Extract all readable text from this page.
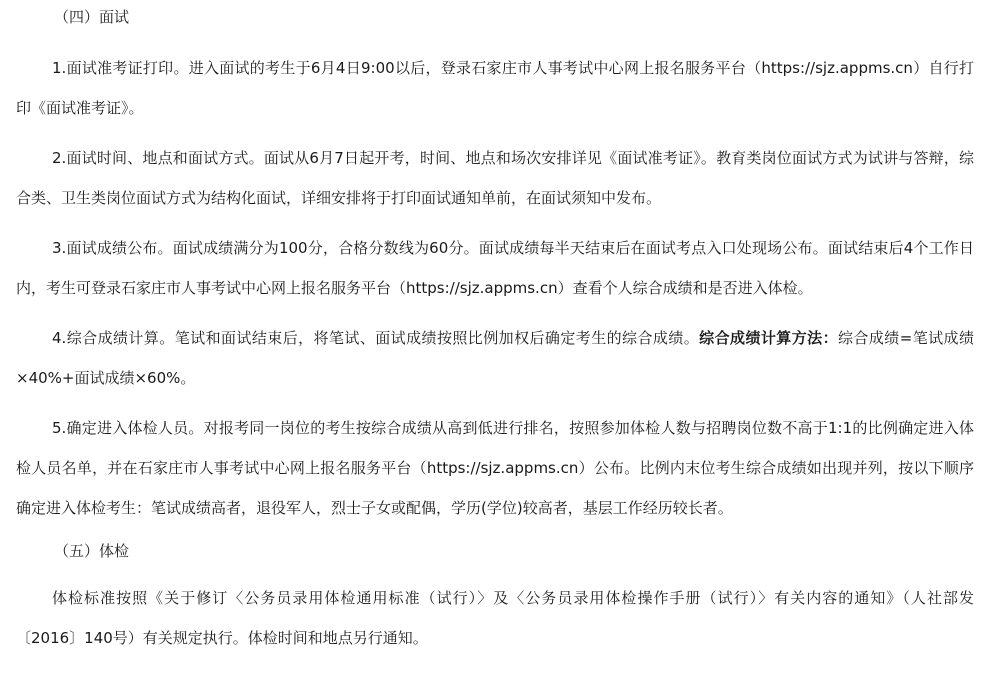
（四）面试

1.面试准考证打印。进入面试的考生于6月4日9:00以后，登录石家庄市人事考试中心网上报名服务平台（https://sjz.appms.cn）自行打印《面试准考证》。

2.面试时间、地点和面试方式。面试从6月7日起开考，时间、地点和场次安排详见《面试准考证》。教育类岗位面试方式为试讲与答辩，综合类、卫生类岗位面试方式为结构化面试，详细安排将于打印面试通知单前，在面试须知中发布。

3.面试成绩公布。面试成绩满分为100分，合格分数线为60分。面试成绩每半天结束后在面试考点入口处现场公布。面试结束后4个工作日内，考生可登录石家庄市人事考试中心网上报名服务平台（https://sjz.appms.cn）查看个人综合成绩和是否进入体检。

4.综合成绩计算。笔试和面试结束后，将笔试、面试成绩按照比例加权后确定考生的综合成绩。综合成绩计算方法：综合成绩=笔试成绩×40%+面试成绩×60%。

5.确定进入体检人员。对报考同一岗位的考生按综合成绩从高到低进行排名，按照参加体检人数与招聘岗位数不高于1:1的比例确定进入体检人员名单，并在石家庄市人事考试中心网上报名服务平台（https://sjz.appms.cn）公布。比例内末位考生综合成绩如出现并列，按以下顺序确定进入体检考生：笔试成绩高者，退役军人，烈士子女或配偶，学历(学位)较高者，基层工作经历较长者。

（五）体检

体检标准按照《关于修订〈公务员录用体检通用标准（试行）〉及〈公务员录用体检操作手册（试行）〉有关内容的通知》（人社部发〔2016〕140号）有关规定执行。体检时间和地点另行通知。
